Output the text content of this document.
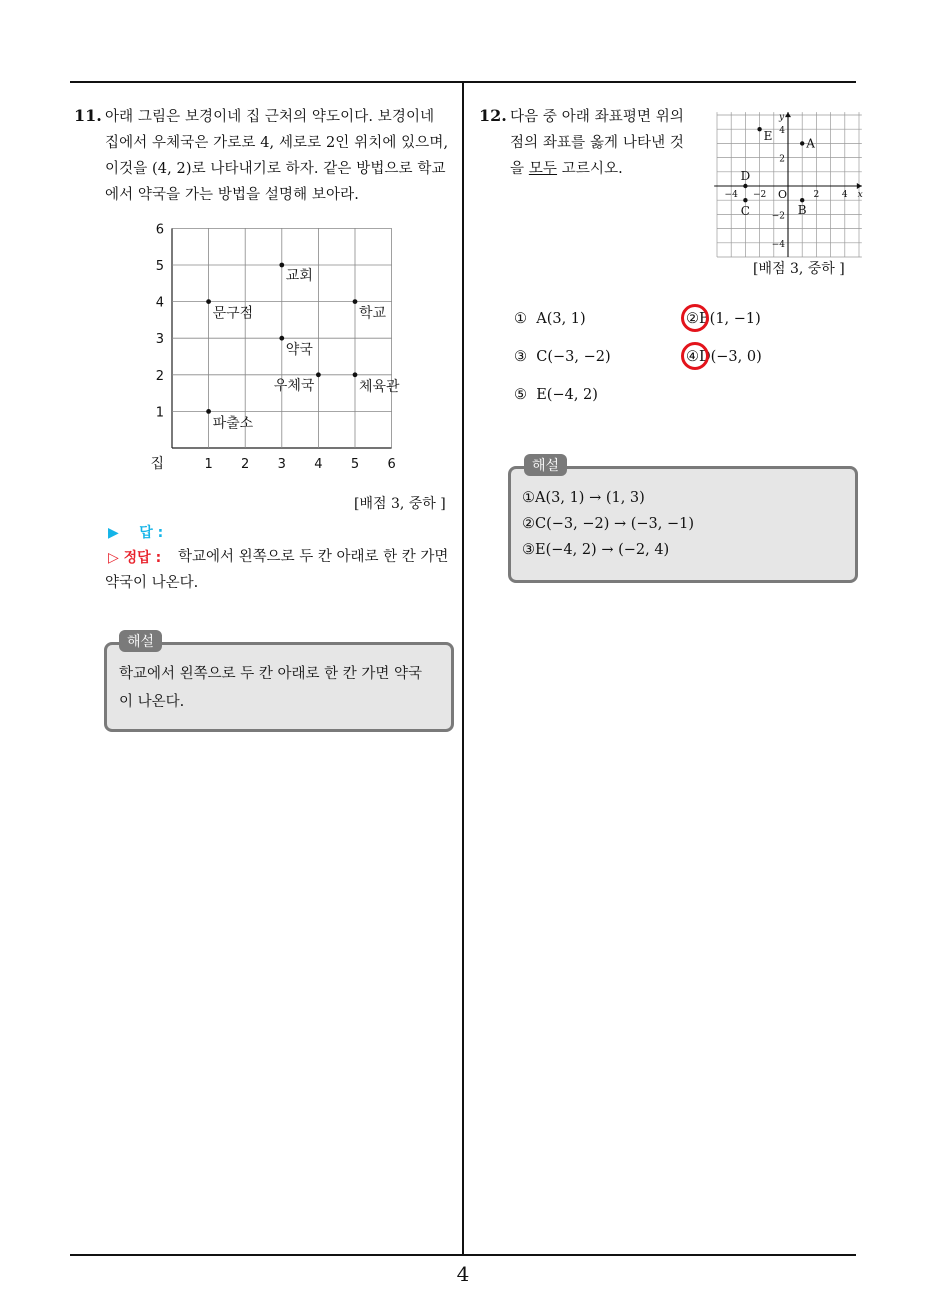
11. 아래 그림은 보경이네 집 근처의 약도이다. 보경이네
집에서 우체국은 가로로 4, 세로로 2인 위치에 있으며,
이것을 (4, 2)로 나타내기로 하자. 같은 방법으로 학교
에서 약국을 가는 방법을 설명해 보아라.
1 2 3 4 5 6
1
2
3
4
5
6
집
교회
문구점	학교
약국
우체국	체육관
파출소
[배점 3, 중하 ]
▶ 답 :
▷ 정답 :	학교에서 왼쪽으로 두 칸 아래로 한 칸 가면
약국이 나온다.
해설
학교에서 왼쪽으로 두 칸 아래로 한 칸 가면 약국
이 나온다.
12. 다음 중 아래 좌표평면 위의
점의 좌표를 옳게 나타낸 것
을 모두 고르시오.
x
y
O
−4 −2	2	4
4
2
−2
−4
A
B
C
D
E
[배점 3, 중하 ]
① A(3, 1)	②B(1, −1)
③ C(−3, −2)	④D(−3, 0)
⑤ E(−4, 2)
해설
①A(3, 1) → (1, 3)
②C(−3, −2) → (−3, −1)
③E(−4, 2) → (−2, 4)
4
